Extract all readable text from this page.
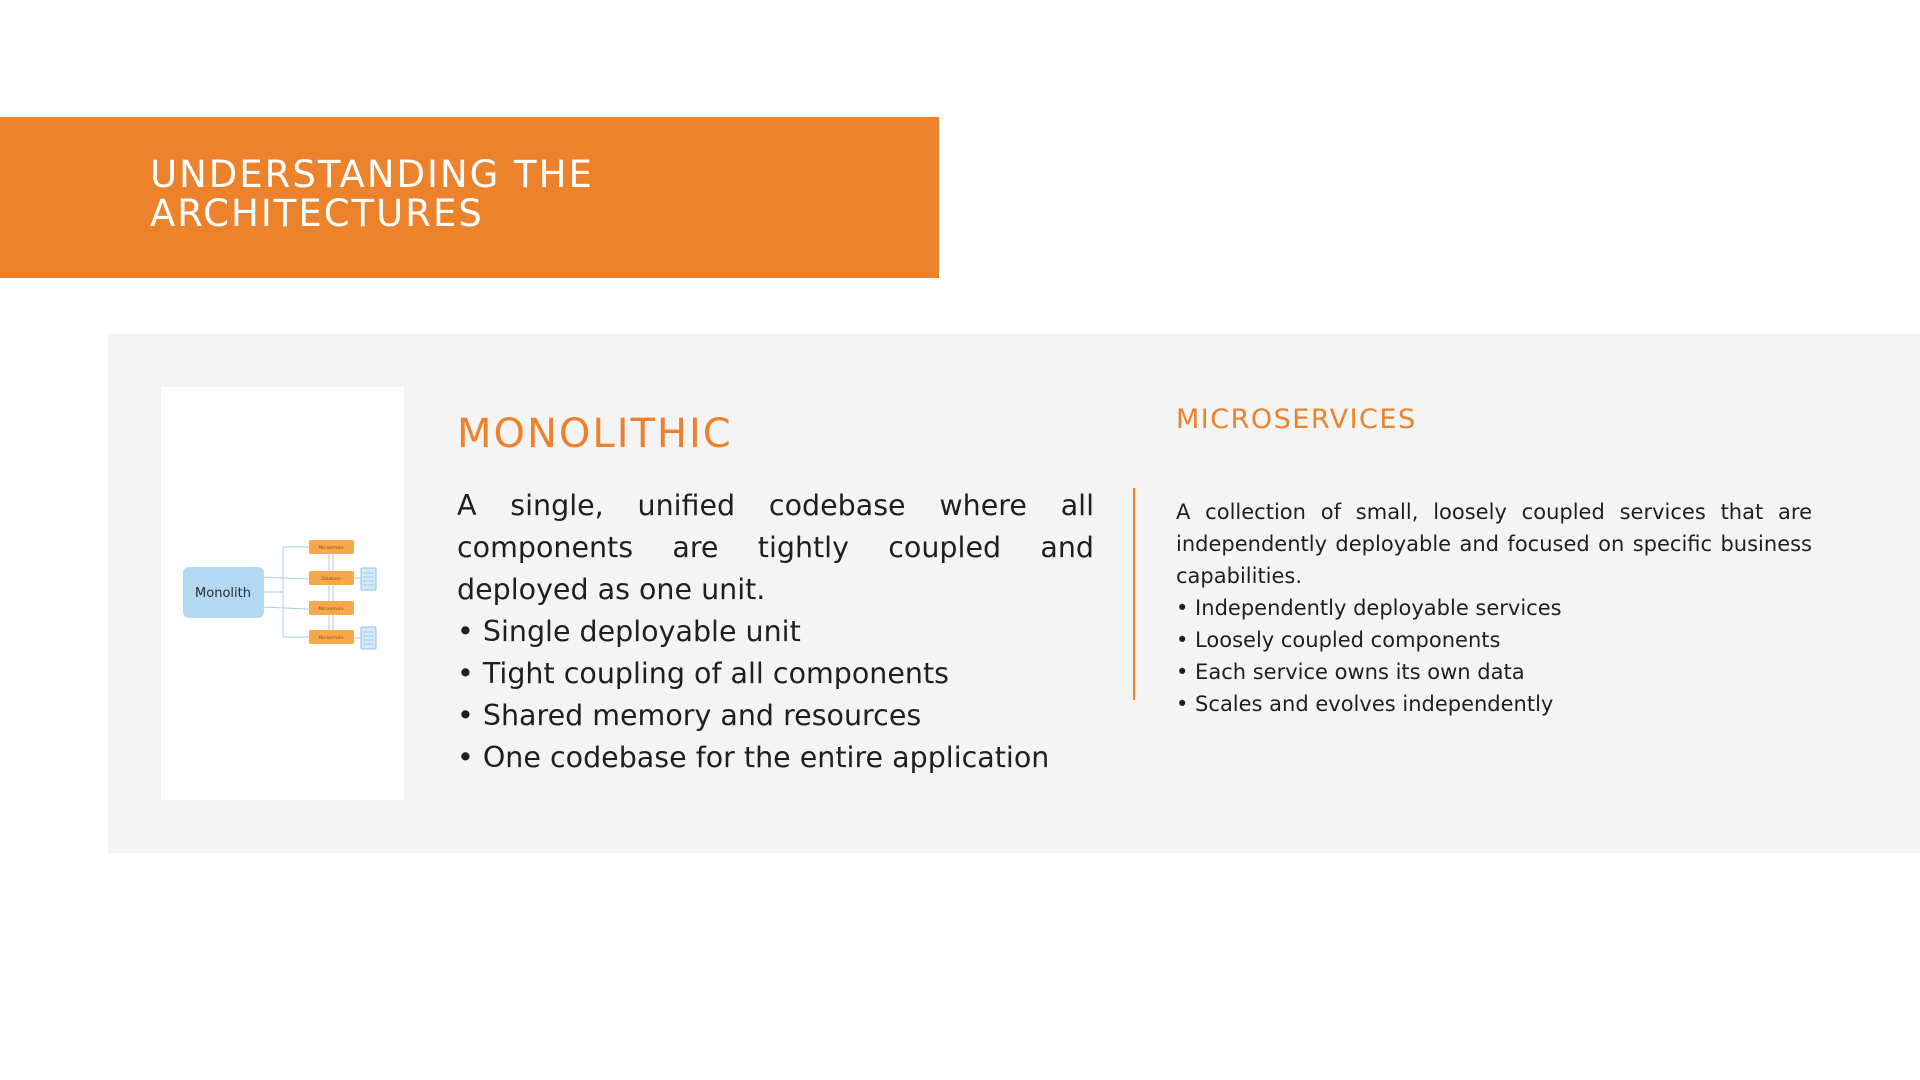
UNDERSTANDING THE ARCHITECTURES
Monolith
Microservice
Database
Microservice
Microservice
MONOLITHIC

A single, unified codebase where all components are tightly coupled and deployed as one unit.

• Single deployable unit
• Tight coupling of all components
• Shared memory and resources
• One codebase for the entire application
MICROSERVICES

A collection of small, loosely coupled services that are independently deployable and focused on specific business capabilities.

• Independently deployable services
• Loosely coupled components
• Each service owns its own data
• Scales and evolves independently
